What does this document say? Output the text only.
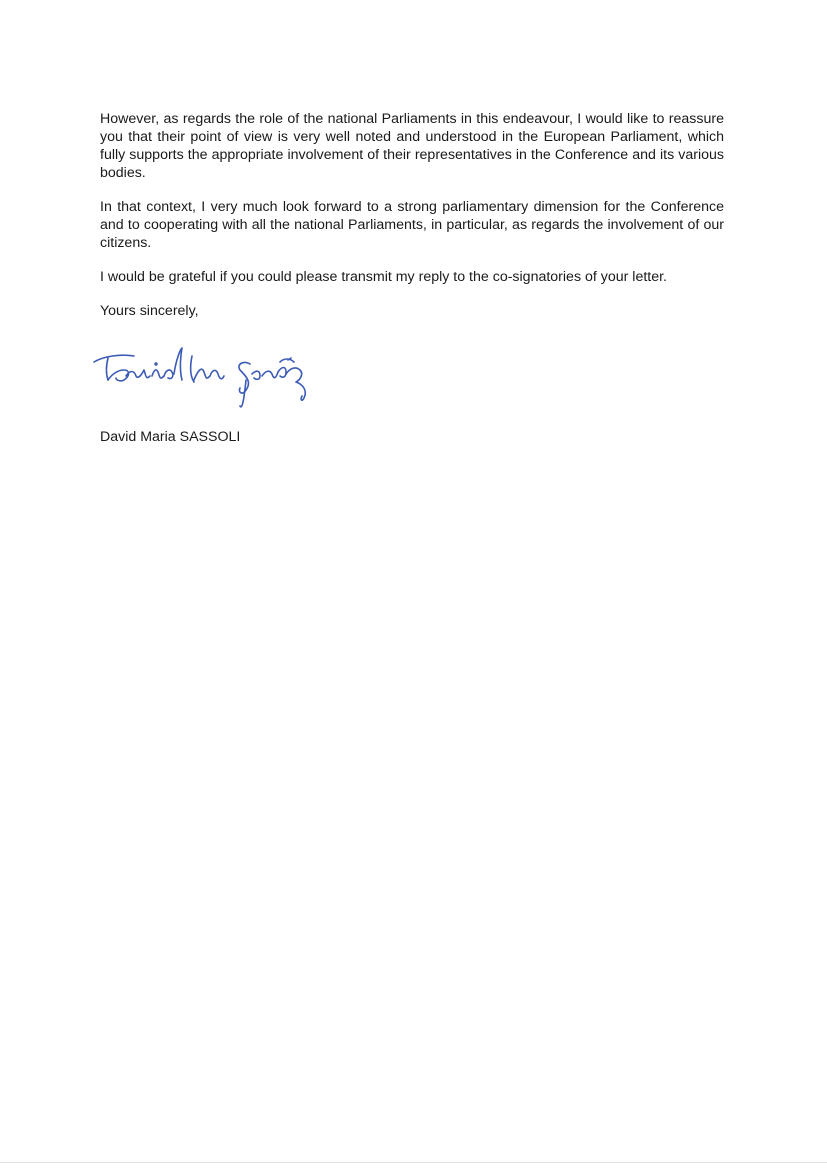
However, as regards the role of the national Parliaments in this endeavour, I would like to reassure you that their point of view is very well noted and understood in the European Parliament, which fully supports the appropriate involvement of their representatives in the Conference and its various bodies.

In that context, I very much look forward to a strong parliamentary dimension for the Conference and to cooperating with all the national Parliaments, in particular, as regards the involvement of our citizens.

I would be grateful if you could please transmit my reply to the co-signatories of your letter.

Yours sincerely,

David Maria SASSOLI
